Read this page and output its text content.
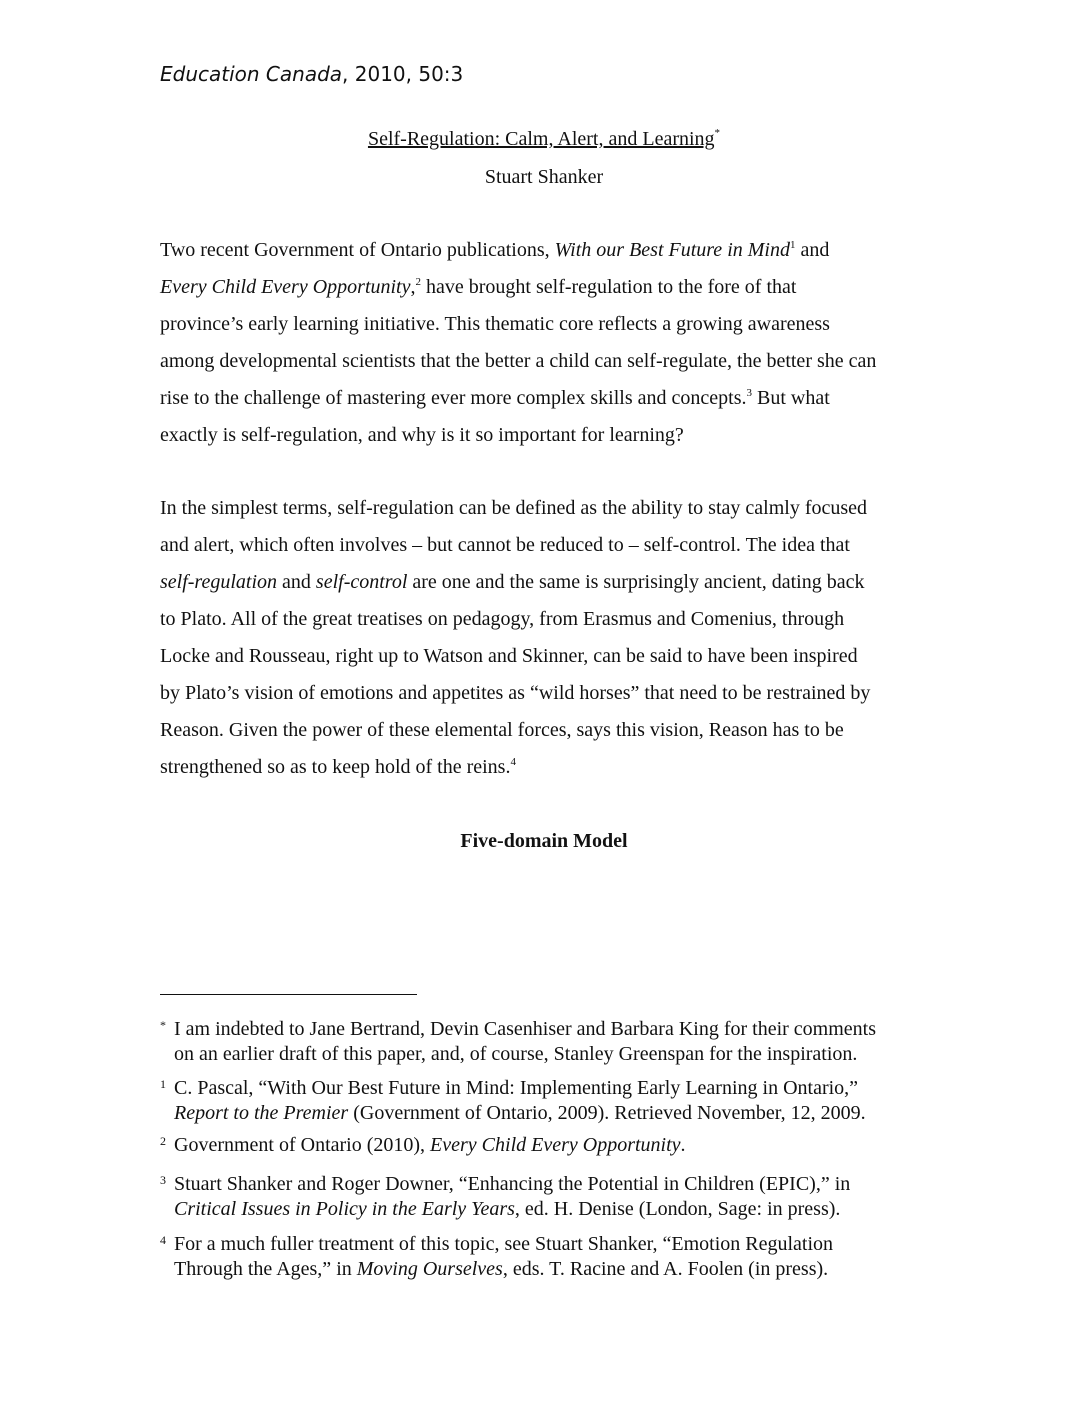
Education Canada, 2010, 50:3
Self-Regulation: Calm, Alert, and Learning*
Stuart Shanker
Two recent Government of Ontario publications, With our Best Future in Mind$^1$ and
Every Child Every Opportunity,$^2$ have brought self-regulation to the fore of that
province’s early learning initiative. This thematic core reflects a growing awareness
among developmental scientists that the better a child can self-regulate, the better she can
rise to the challenge of mastering ever more complex skills and concepts.$^3$ But what
exactly is self-regulation, and why is it so important for learning?
In the simplest terms, self-regulation can be defined as the ability to stay calmly focused
and alert, which often involves – but cannot be reduced to – self-control. The idea that
self-regulation and self-control are one and the same is surprisingly ancient, dating back
to Plato. All of the great treatises on pedagogy, from Erasmus and Comenius, through
Locke and Rousseau, right up to Watson and Skinner, can be said to have been inspired
by Plato’s vision of emotions and appetites as “wild horses” that need to be restrained by
Reason. Given the power of these elemental forces, says this vision, Reason has to be
strengthened so as to keep hold of the reins.$^4$
Five-domain Model
* I am indebted to Jane Bertrand, Devin Casenhiser and Barbara King for their comments
on an earlier draft of this paper, and, of course, Stanley Greenspan for the inspiration.
1 C. Pascal, “With Our Best Future in Mind: Implementing Early Learning in Ontario,”
Report to the Premier (Government of Ontario, 2009). Retrieved November, 12, 2009.
2 Government of Ontario (2010), Every Child Every Opportunity.
3 Stuart Shanker and Roger Downer, “Enhancing the Potential in Children (EPIC),” in
Critical Issues in Policy in the Early Years, ed. H. Denise (London, Sage: in press).
4 For a much fuller treatment of this topic, see Stuart Shanker, “Emotion Regulation
Through the Ages,” in Moving Ourselves, eds. T. Racine and A. Foolen (in press).
